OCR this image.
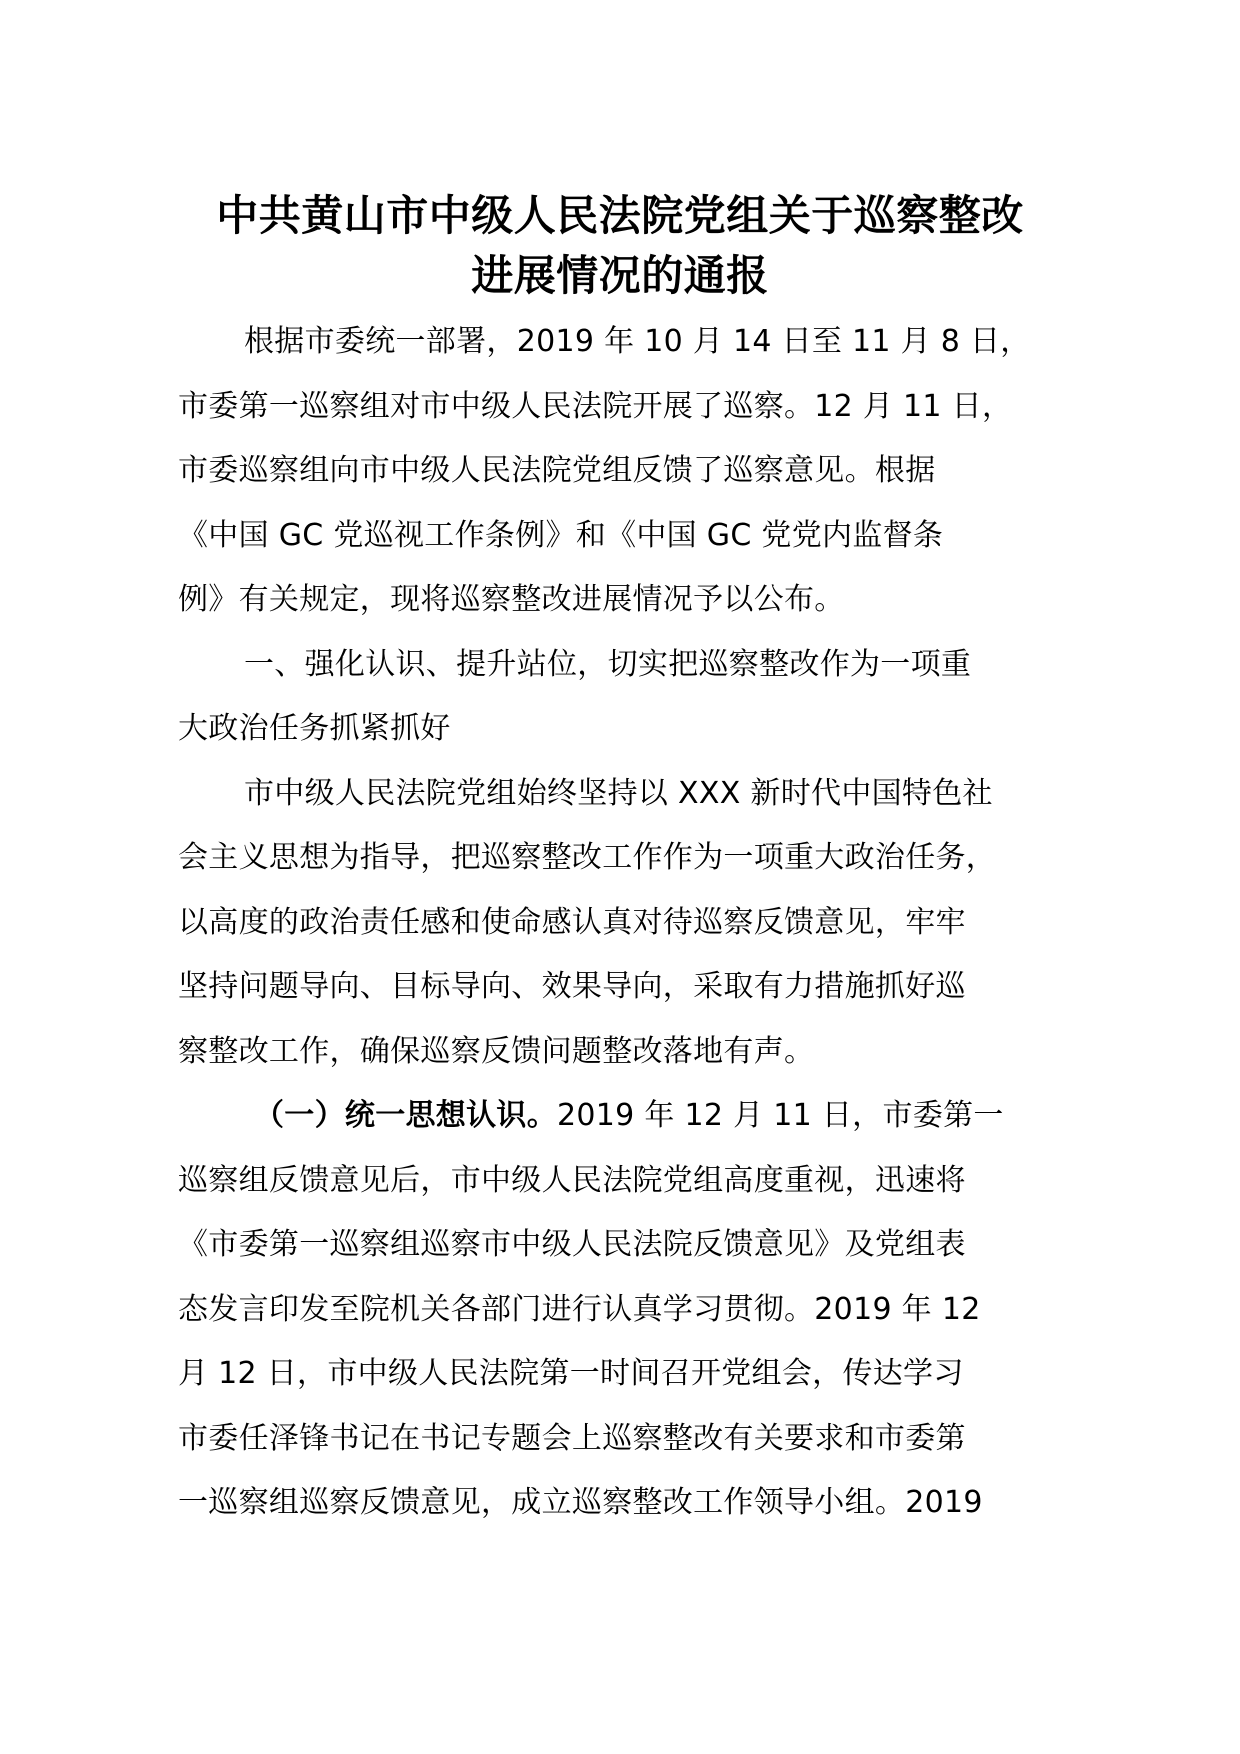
中共黄山市中级人民法院党组关于巡察整改
进展情况的通报
根据市委统一部署，2019 年 10 月 14 日至 11 月 8 日，
市委第一巡察组对市中级人民法院开展了巡察。12 月 11 日，
市委巡察组向市中级人民法院党组反馈了巡察意见。根据
《中国 GC 党巡视工作条例》和《中国 GC 党党内监督条
例》有关规定，现将巡察整改进展情况予以公布。
一、强化认识、提升站位，切实把巡察整改作为一项重
大政治任务抓紧抓好
市中级人民法院党组始终坚持以 XXX 新时代中国特色社
会主义思想为指导，把巡察整改工作作为一项重大政治任务，
以高度的政治责任感和使命感认真对待巡察反馈意见，牢牢
坚持问题导向、目标导向、效果导向，采取有力措施抓好巡
察整改工作，确保巡察反馈问题整改落地有声。
（一）统一思想认识。2019 年 12 月 11 日，市委第一
巡察组反馈意见后，市中级人民法院党组高度重视，迅速将
《市委第一巡察组巡察市中级人民法院反馈意见》及党组表
态发言印发至院机关各部门进行认真学习贯彻。2019 年 12
月 12 日，市中级人民法院第一时间召开党组会，传达学习
市委任泽锋书记在书记专题会上巡察整改有关要求和市委第
一巡察组巡察反馈意见，成立巡察整改工作领导小组。2019
